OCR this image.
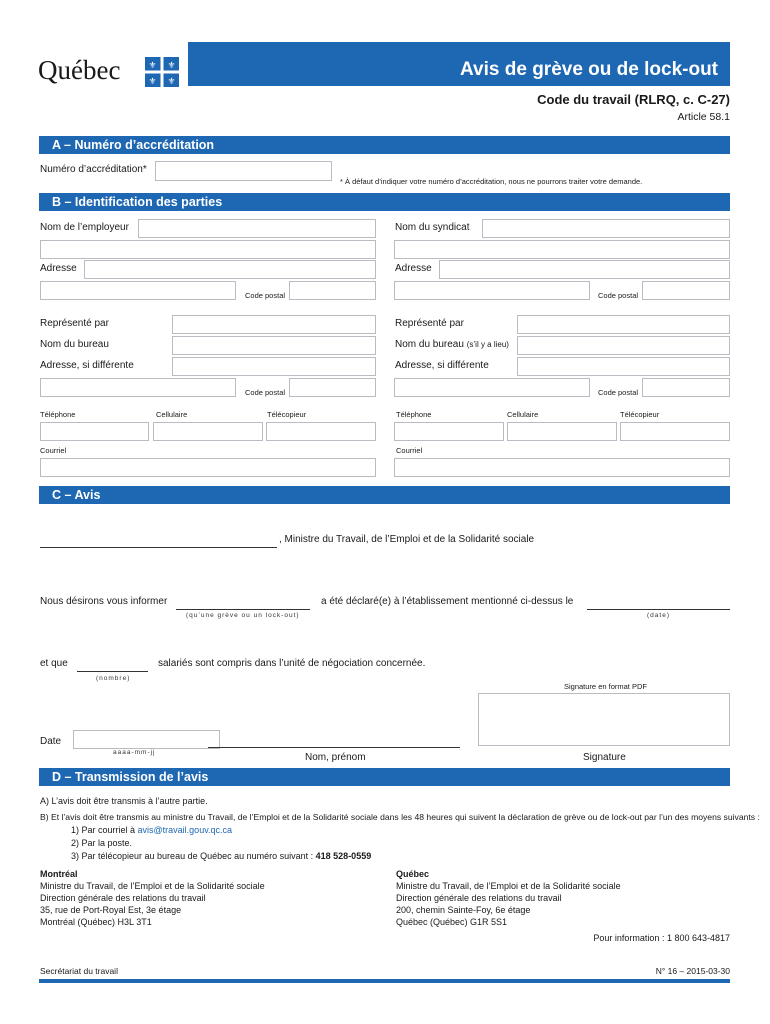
Québec	⚜ ⚜
⚜ ⚜
Avis de grève ou de lock-out
Code du travail (RLRQ, c. C-27)
Article 58.1
A – Numéro d’accréditation
Numéro d’accréditation*
* À défaut d’indiquer votre numéro d’accréditation, nous ne pourrons traiter votre demande.
B – Identification des parties
Nom de l’employeur
Adresse
Code postal
Représenté par
Nom du bureau
Adresse, si différente
Code postal
Téléphone	Cellulaire	Télécopieur
Courriel
Nom du syndicat
Adresse
Code postal
Représenté par
Nom du bureau (s’il y a lieu)
Adresse, si différente
Code postal
Téléphone	Cellulaire	Télécopieur
Courriel
C – Avis
, Ministre du Travail, de l’Emploi et de la Solidarité sociale
Nous désirons vous informer
(qu’une grève ou un lock-out)
a été déclaré(e) à l’établissement mentionné ci-dessus le
(date)
et que
(nombre)
salariés sont compris dans l’unité de négociation concernée.
Signature en format PDF
Date
aaaa-mm-jj	Nom, prénom	Signature
D – Transmission de l’avis
A) L’avis doit être transmis à l’autre partie.
B) Et l’avis doit être transmis au ministre du Travail, de l’Emploi et de la Solidarité sociale dans les 48 heures qui suivent la déclaration de grève ou de lock-out par l’un des moyens suivants :
1) Par courriel à avis@travail.gouv.qc.ca
2) Par la poste.
3) Par télécopieur au bureau de Québec au numéro suivant : 418 528-0559
Montréal
Ministre du Travail, de l’Emploi et de la Solidarité sociale
Direction générale des relations du travail
35, rue de Port-Royal Est, 3e étage
Montréal (Québec) H3L 3T1
Québec
Ministre du Travail, de l’Emploi et de la Solidarité sociale
Direction générale des relations du travail
200, chemin Sainte-Foy, 6e étage
Québec (Québec) G1R 5S1
Pour information : 1 800 643-4817
Secrétariat du travail	N° 16 – 2015-03-30
